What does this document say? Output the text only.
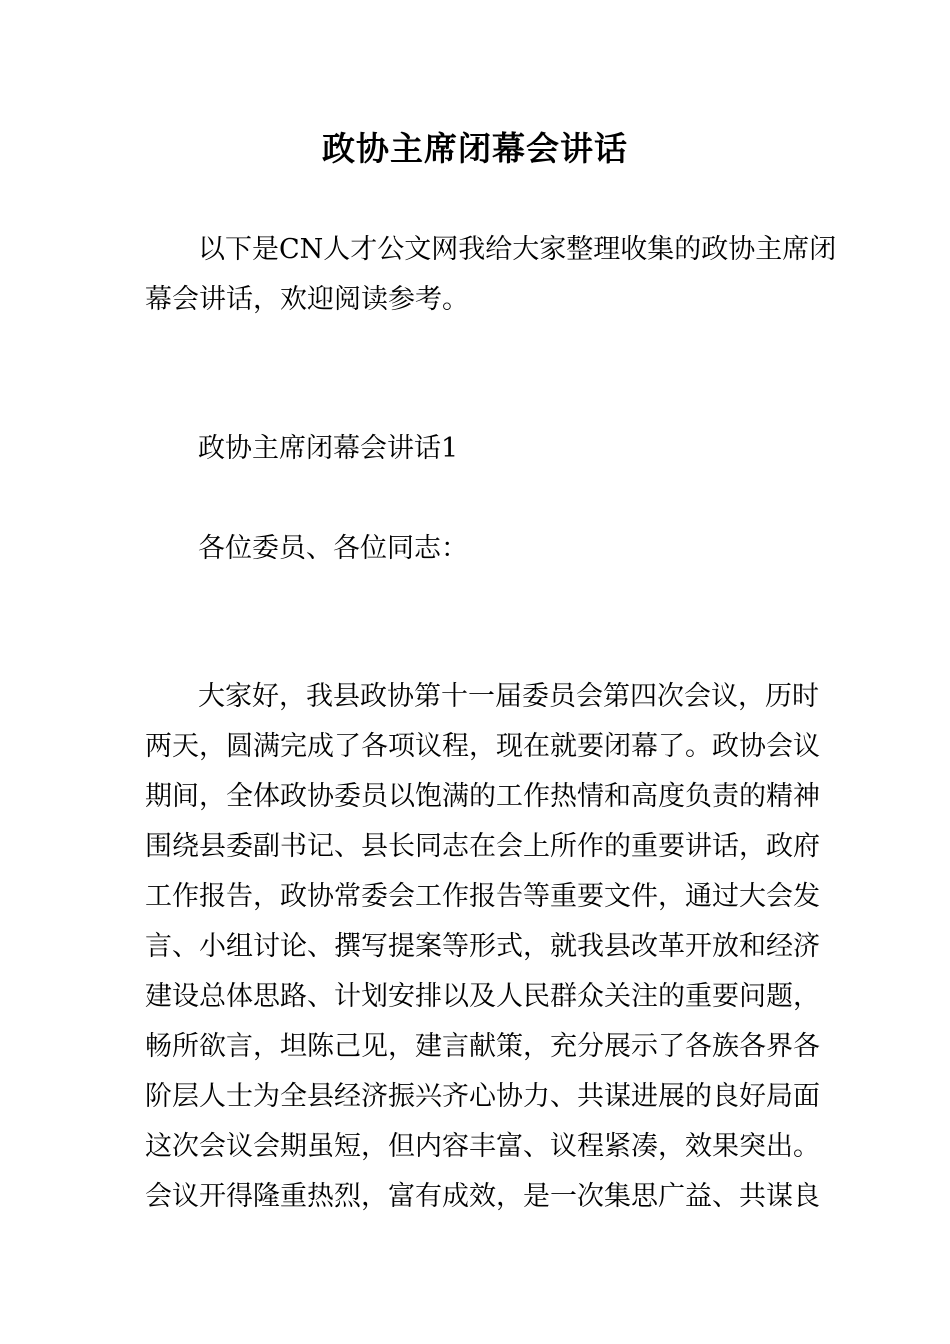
政协主席闭幕会讲话
以下是CN人才公文网我给大家整理收集的政协主席闭
幕会讲话，欢迎阅读参考。
政协主席闭幕会讲话1
各位委员、各位同志：
大家好，我县政协第十一届委员会第四次会议，历时
两天，圆满完成了各项议程，现在就要闭幕了。政协会议
期间，全体政协委员以饱满的工作热情和高度负责的精神
围绕县委副书记、县长同志在会上所作的重要讲话，政府
工作报告，政协常委会工作报告等重要文件，通过大会发
言、小组讨论、撰写提案等形式，就我县改革开放和经济
建设总体思路、计划安排以及人民群众关注的重要问题，
畅所欲言，坦陈己见，建言献策，充分展示了各族各界各
阶层人士为全县经济振兴齐心协力、共谋进展的良好局面
这次会议会期虽短，但内容丰富、议程紧凑，效果突出。
会议开得隆重热烈，富有成效，是一次集思广益、共谋良
